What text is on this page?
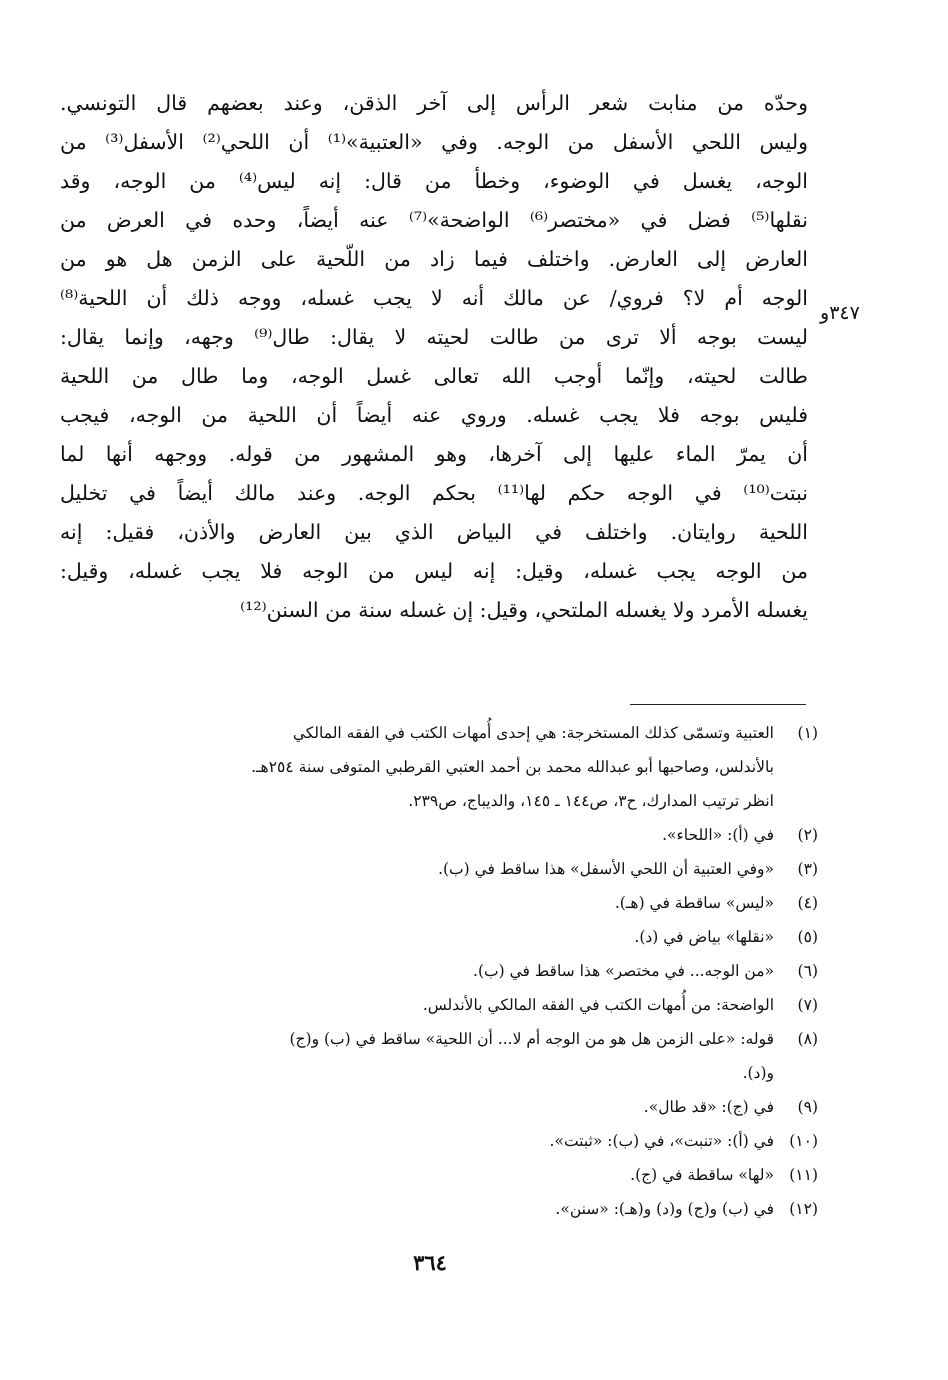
وحدّه من منابت شعر الرأس إلى آخر الذقن، وعند بعضهم قال التونسي.
وليس اللحي الأسفل من الوجه. وفي «العتبية»⁽¹⁾ أن اللحي⁽²⁾ الأسفل⁽³⁾ من
الوجه، يغسل في الوضوء، وخطأ من قال: إنه ليس⁽⁴⁾ من الوجه، وقد
نقلها⁽⁵⁾ فضل في «مختصر⁽⁶⁾ الواضحة»⁽⁷⁾ عنه أيضاً، وحده في العرض من
العارض إلى العارض. واختلف فيما زاد من اللّحية على الزمن هل هو من
الوجه أم لا؟ فروي/ عن مالك أنه لا يجب غسله، ووجه ذلك أن اللحية⁽⁸⁾
ليست بوجه ألا ترى من طالت لحيته لا يقال: طال⁽⁹⁾ وجهه، وإنما يقال:
طالت لحيته، وإنّما أوجب الله تعالى غسل الوجه، وما طال من اللحية
فليس بوجه فلا يجب غسله. وروي عنه أيضاً أن اللحية من الوجه، فيجب
أن يمرّ الماء عليها إلى آخرها، وهو المشهور من قوله. ووجهه أنها لما
نبتت⁽¹⁰⁾ في الوجه حكم لها⁽¹¹⁾ بحكم الوجه. وعند مالك أيضاً في تخليل
اللحية روايتان. واختلف في البياض الذي بين العارض والأذن، فقيل: إنه
من الوجه يجب غسله، وقيل: إنه ليس من الوجه فلا يجب غسله، وقيل:
يغسله الأمرد ولا يغسله الملتحي، وقيل: إن غسله سنة من السنن⁽¹²⁾
٣٤٧و
(١)
العتبية وتسمّى كذلك المستخرجة: هي إحدى أُمهات الكتب في الفقه المالكي
بالأندلس، وصاحبها أبو عبدالله محمد بن أحمد العتبي القرطبي المتوفى سنة ٢٥٤هـ.
انظر ترتيب المدارك، ح٣، ص١٤٤ ـ ١٤٥، والديباج، ص٢٣٩.
(٢)
في (أ): «اللحاء».
(٣)
«وفي العتبية أن اللحي الأسفل» هذا ساقط في (ب).
(٤)
«ليس» ساقطة في (هـ).
(٥)
«نقلها» بياض في (د).
(٦)
«من الوجه... في مختصر» هذا ساقط في (ب).
(٧)
الواضحة: من أُمهات الكتب في الفقه المالكي بالأندلس.
(٨)
قوله: «على الزمن هل هو من الوجه أم لا... أن اللحية» ساقط في (ب) و(ج)
و(د).
(٩)
في (ج): «قد طال».
(١٠)
في (أ): «تنبت»، في (ب): «ثبتت».
(١١)
«لها» ساقطة في (ج).
(١٢)
في (ب) و(ج) و(د) و(هـ): «سنن».
٣٦٤
